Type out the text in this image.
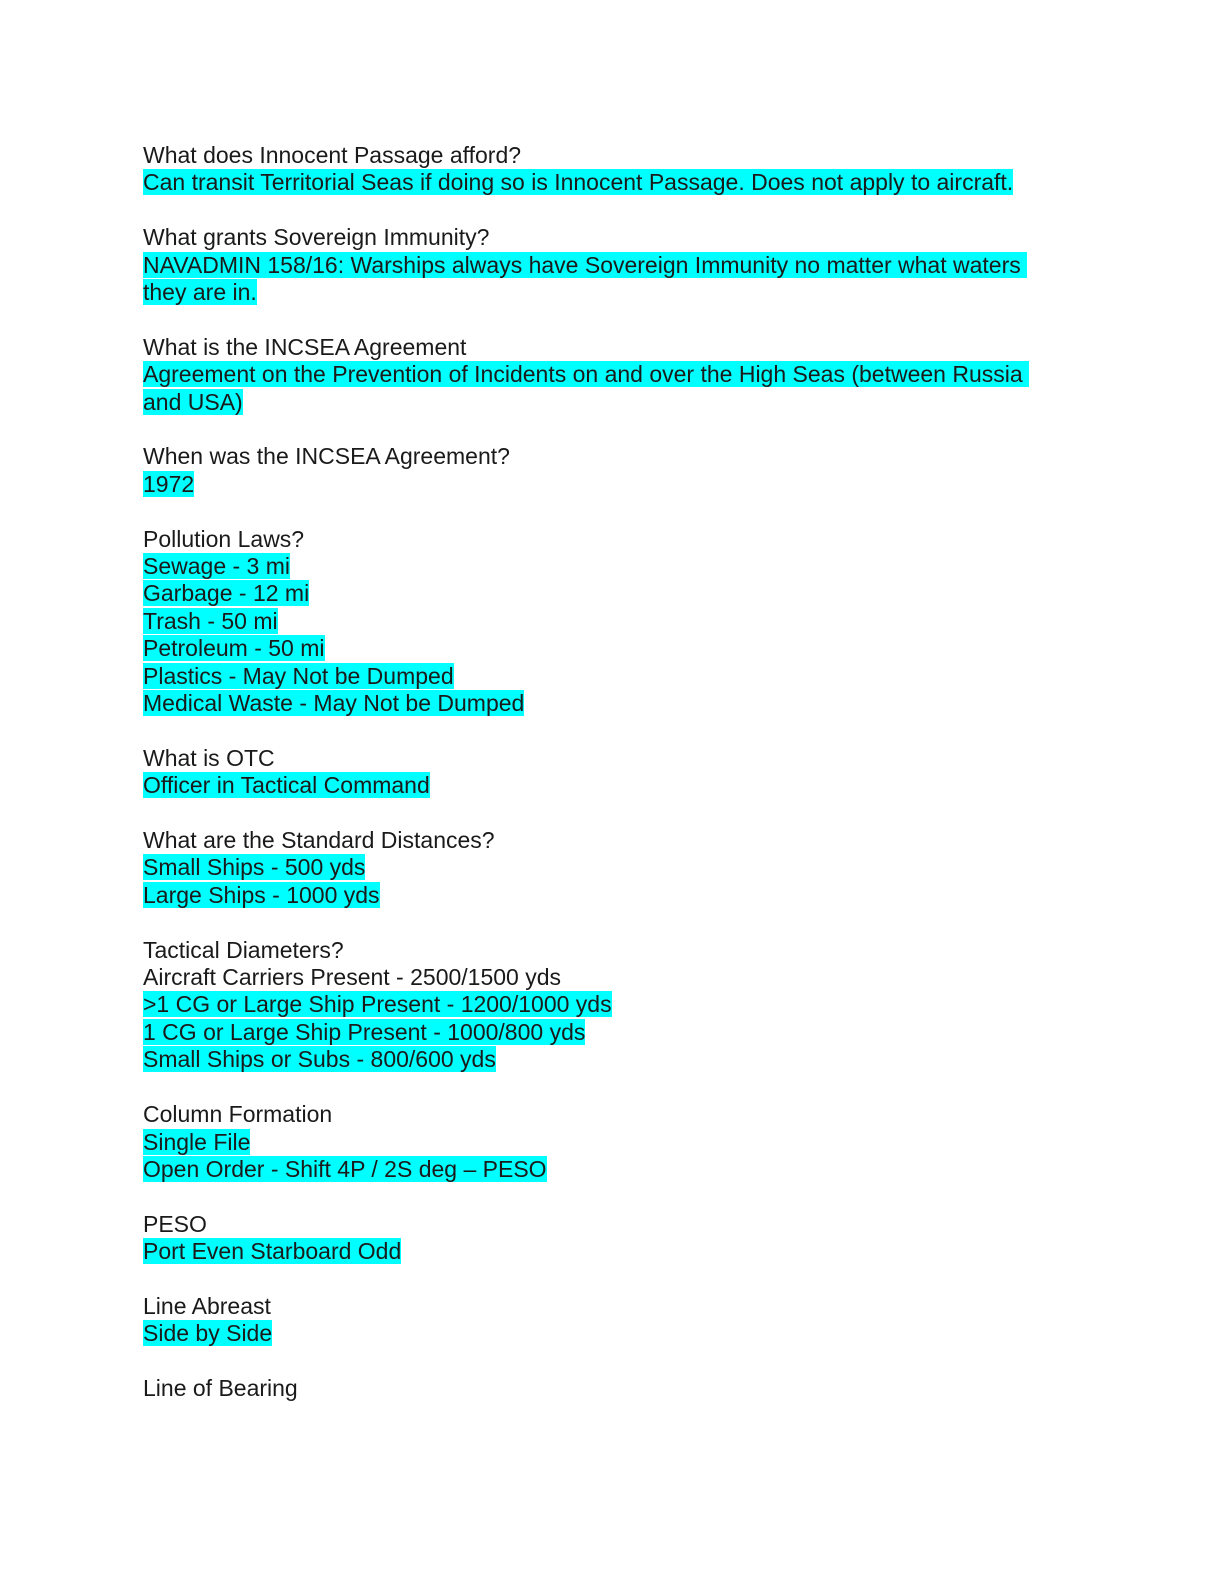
What does Innocent Passage afford?
Can transit Territorial Seas if doing so is Innocent Passage. Does not apply to aircraft.
What grants Sovereign Immunity?
NAVADMIN 158/16: Warships always have Sovereign Immunity no matter what waters they are in.
What is the INCSEA Agreement
Agreement on the Prevention of Incidents on and over the High Seas (between Russia and USA)
When was the INCSEA Agreement?
1972
Pollution Laws?
Sewage - 3 mi
Garbage - 12 mi
Trash - 50 mi
Petroleum - 50 mi
Plastics - May Not be Dumped
Medical Waste - May Not be Dumped
What is OTC
Officer in Tactical Command
What are the Standard Distances?
Small Ships - 500 yds
Large Ships - 1000 yds
Tactical Diameters?
Aircraft Carriers Present - 2500/1500 yds
>1 CG or Large Ship Present - 1200/1000 yds
1 CG or Large Ship Present - 1000/800 yds
Small Ships or Subs - 800/600 yds
Column Formation
Single File
Open Order - Shift 4P / 2S deg – PESO
PESO
Port Even Starboard Odd
Line Abreast
Side by Side
Line of Bearing
